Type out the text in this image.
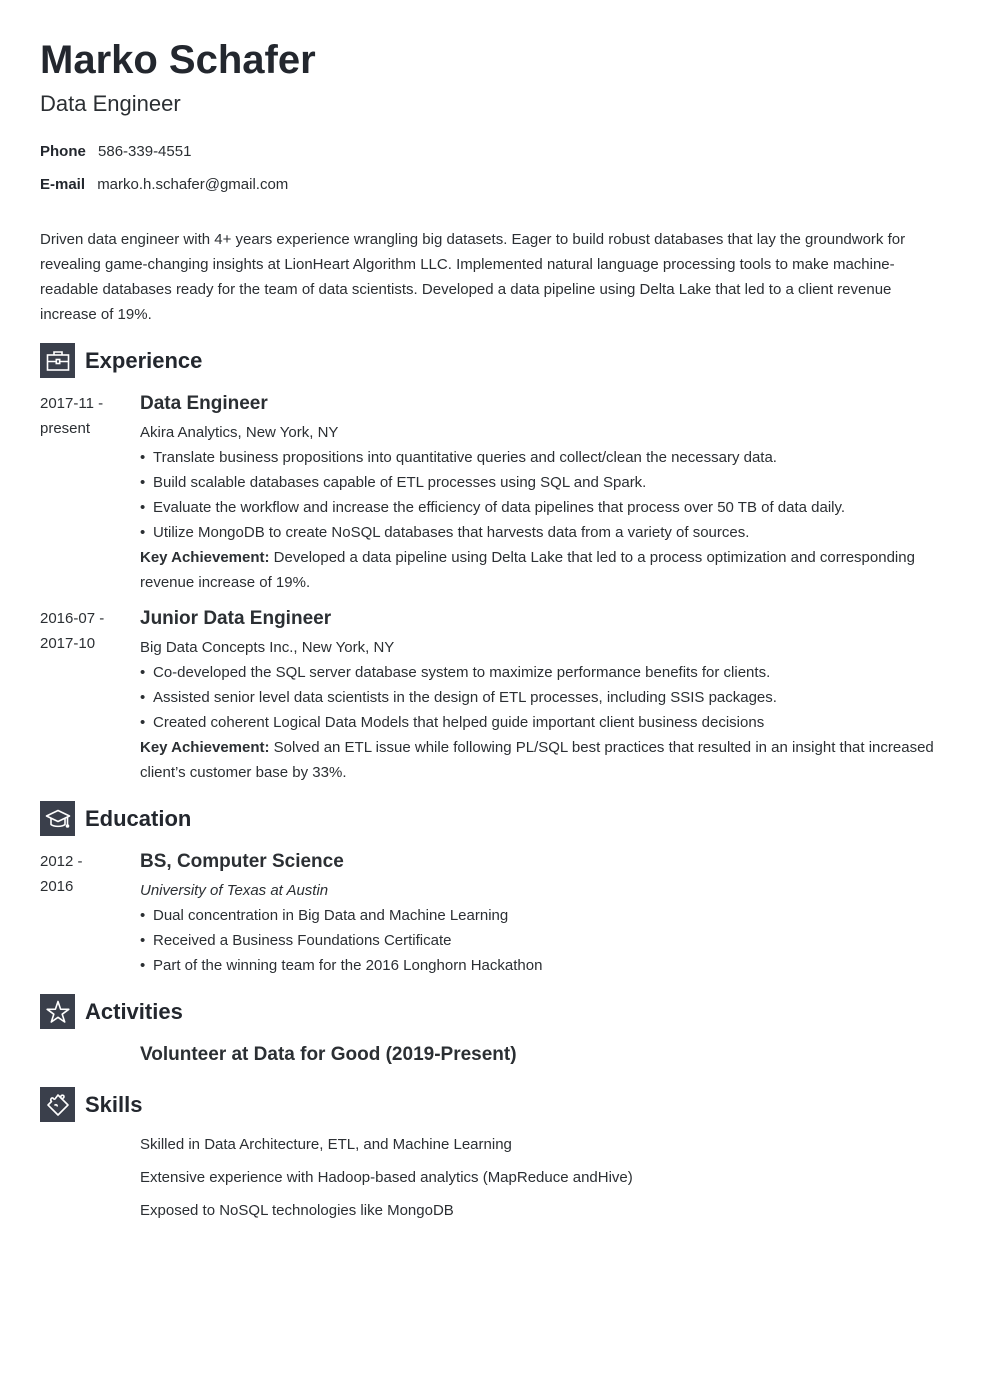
Marko Schafer
Data Engineer
Phone 586-339-4551
E-mail marko.h.schafer@gmail.com

Driven data engineer with 4+ years experience wrangling big datasets. Eager to build robust databases that lay the groundwork for revealing game-changing insights at LionHeart Algorithm LLC. Implemented natural language processing tools to make machine-readable databases ready for the team of data scientists. Developed a data pipeline using Delta Lake that led to a client revenue increase of 19%.

Experience
2017-11 -
present
Data Engineer

Akira Analytics, New York, NY

• Translate business propositions into quantitative queries and collect/clean the necessary data.
• Build scalable databases capable of ETL processes using SQL and Spark.
• Evaluate the workflow and increase the efficiency of data pipelines that process over 50 TB of data daily.
• Utilize MongoDB to create NoSQL databases that harvests data from a variety of sources.

Key Achievement: Developed a data pipeline using Delta Lake that led to a process optimization and corresponding revenue increase of 19%.

2016-07 -
2017-10
Junior Data Engineer

Big Data Concepts Inc., New York, NY

• Co-developed the SQL server database system to maximize performance benefits for clients.
• Assisted senior level data scientists in the design of ETL processes, including SSIS packages.
• Created coherent Logical Data Models that helped guide important client business decisions

Key Achievement: Solved an ETL issue while following PL/SQL best practices that resulted in an insight that increased client’s customer base by 33%.

Education
2012 -
2016
BS, Computer Science

University of Texas at Austin

• Dual concentration in Big Data and Machine Learning
• Received a Business Foundations Certificate
• Part of the winning team for the 2016 Longhorn Hackathon
Activities

Volunteer at Data for Good (2019-Present)

Skills
Skilled in Data Architecture, ETL, and Machine Learning
Extensive experience with Hadoop-based analytics (MapReduce andHive)
Exposed to NoSQL technologies like MongoDB
